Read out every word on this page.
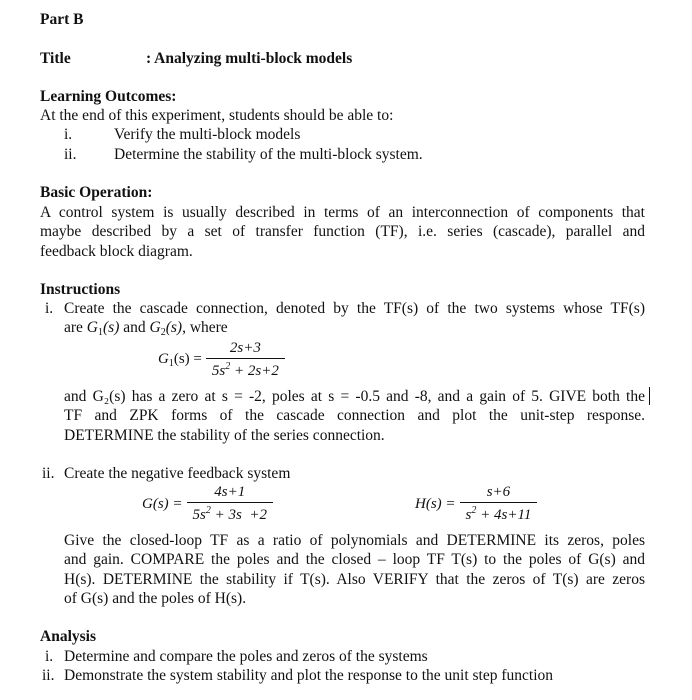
Part B
Title	: Analyzing multi-block models
Learning Outcomes:
At the end of this experiment, students should be able to:
i.	Verify the multi-block models
ii. Determine the stability of the multi-block system.
Basic Operation:
A control system is usually described in terms of an interconnection of components that
maybe described by a set of transfer function (TF), i.e. series (cascade), parallel and
feedback block diagram.
Instructions
i. Create the cascade connection, denoted by the TF(s) of the two systems whose TF(s)
are $G_1(s)$ and $G_2(s)$, where
$G_1(s)$ =
2s+3
$5s^2 + 2s+2$
and G₂(s) has a zero at s = -2, poles at s = -0.5 and -8, and a gain of 5. GIVE both the
TF and ZPK forms of the cascade connection and plot the unit-step response.
DETERMINE the stability of the series connection.
ii. Create the negative feedback system
G(s) =
4s+1
$5s^2 + 3s +2$
H(s) =
s+6
$s^2 + 4s+11$
Give the closed-loop TF as a ratio of polynomials and DETERMINE its zeros, poles
and gain. COMPARE the poles and the closed – loop TF T(s) to the poles of G(s) and
H(s). DETERMINE the stability if T(s). Also VERIFY that the zeros of T(s) are zeros
of G(s) and the poles of H(s).
Analysis
i. Determine and compare the poles and zeros of the systems
ii. Demonstrate the system stability and plot the response to the unit step function
